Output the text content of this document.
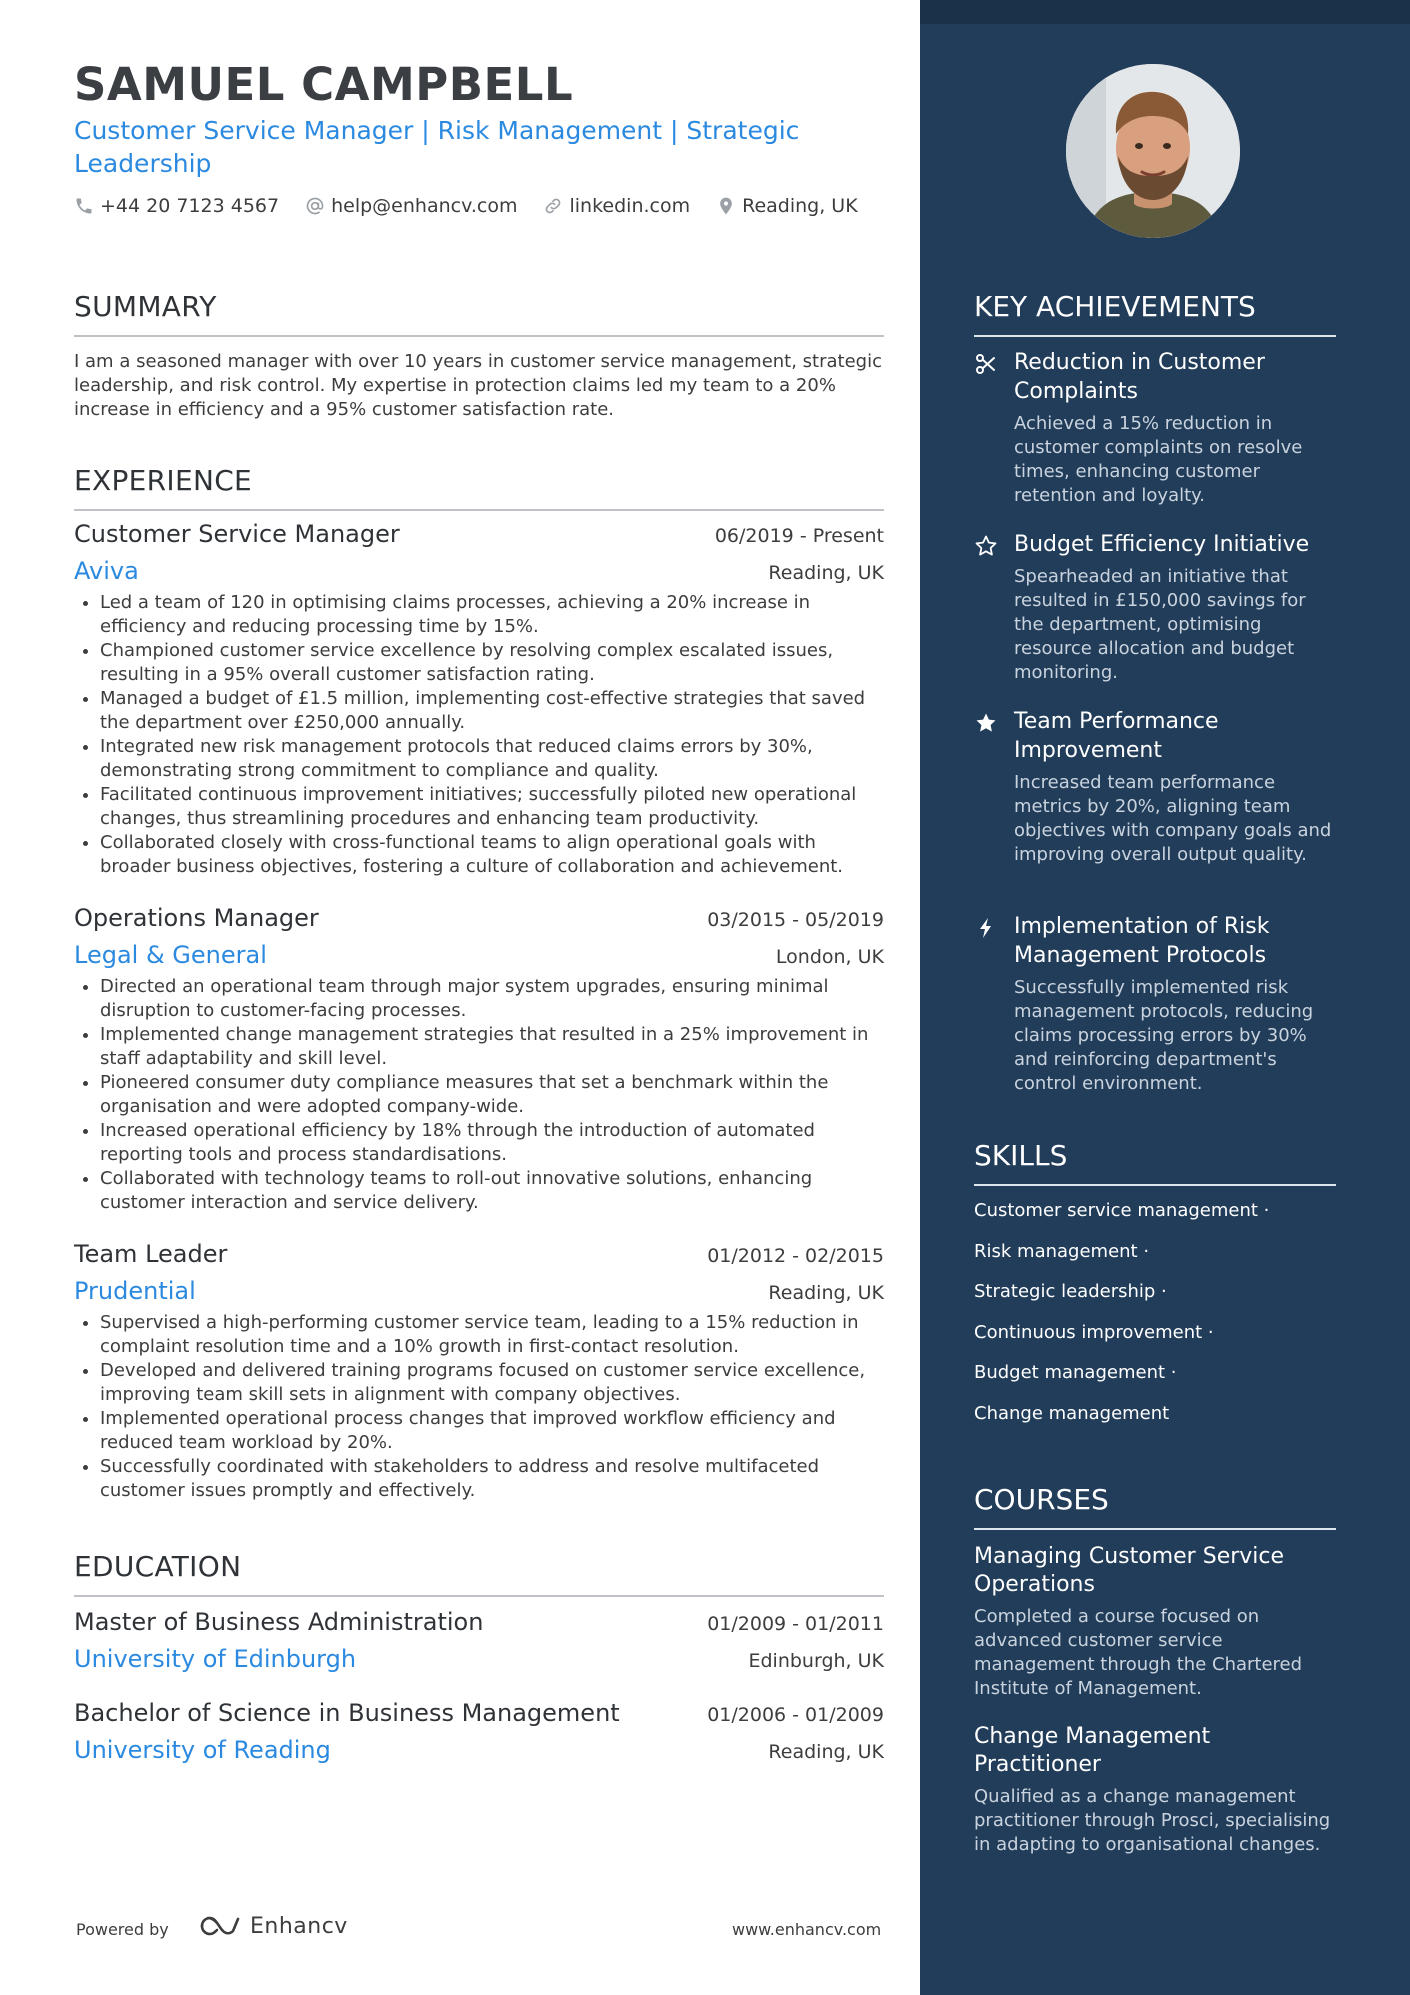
SAMUEL CAMPBELL
Customer Service Manager | Risk Management | Strategic Leadership
+44 20 7123 4567	help@enhancv.com	linkedin.com	Reading, UK
SUMMARY

I am a seasoned manager with over 10 years in customer service management, strategic leadership, and risk control. My expertise in protection claims led my team to a 20% increase in efficiency and a 95% customer satisfaction rate.

EXPERIENCE
Customer Service Manager	06/2019 - Present
Aviva	Reading, UK
• Led a team of 120 in optimising claims processes, achieving a 20% increase in efficiency and reducing processing time by 15%.
• Championed customer service excellence by resolving complex escalated issues, resulting in a 95% overall customer satisfaction rating.
• Managed a budget of £1.5 million, implementing cost-effective strategies that saved the department over £250,000 annually.
• Integrated new risk management protocols that reduced claims errors by 30%, demonstrating strong commitment to compliance and quality.
• Facilitated continuous improvement initiatives; successfully piloted new operational changes, thus streamlining procedures and enhancing team productivity.
• Collaborated closely with cross-functional teams to align operational goals with broader business objectives, fostering a culture of collaboration and achievement.
Operations Manager	03/2015 - 05/2019
Legal & General	London, UK
• Directed an operational team through major system upgrades, ensuring minimal disruption to customer-facing processes.
• Implemented change management strategies that resulted in a 25% improvement in staff adaptability and skill level.
• Pioneered consumer duty compliance measures that set a benchmark within the organisation and were adopted company-wide.
• Increased operational efficiency by 18% through the introduction of automated reporting tools and process standardisations.
• Collaborated with technology teams to roll-out innovative solutions, enhancing customer interaction and service delivery.
Team Leader	01/2012 - 02/2015
Prudential	Reading, UK
• Supervised a high-performing customer service team, leading to a 15% reduction in complaint resolution time and a 10% growth in first-contact resolution.
• Developed and delivered training programs focused on customer service excellence, improving team skill sets in alignment with company objectives.
• Implemented operational process changes that improved workflow efficiency and reduced team workload by 20%.
• Successfully coordinated with stakeholders to address and resolve multifaceted customer issues promptly and effectively.
EDUCATION
Master of Business Administration	01/2009 - 01/2011
University of Edinburgh	Edinburgh, UK
Bachelor of Science in Business Management	01/2006 - 01/2009
University of Reading	Reading, UK
Powered by	Enhancv	www.enhancv.com
KEY ACHIEVEMENTS
Reduction in Customer Complaints
Achieved a 15% reduction in customer complaints on resolve times, enhancing customer retention and loyalty.
Budget Efficiency Initiative
Spearheaded an initiative that resulted in £150,000 savings for the department, optimising resource allocation and budget monitoring.
Team Performance Improvement
Increased team performance metrics by 20%, aligning team objectives with company goals and improving overall output quality.
Implementation of Risk Management Protocols
Successfully implemented risk management protocols, reducing claims processing errors by 30% and reinforcing department's control environment.
SKILLS
Customer service management ·
Risk management ·
Strategic leadership ·
Continuous improvement ·
Budget management ·
Change management
COURSES
Managing Customer Service Operations
Completed a course focused on advanced customer service management through the Chartered Institute of Management.
Change Management Practitioner
Qualified as a change management practitioner through Prosci, specialising in adapting to organisational changes.
